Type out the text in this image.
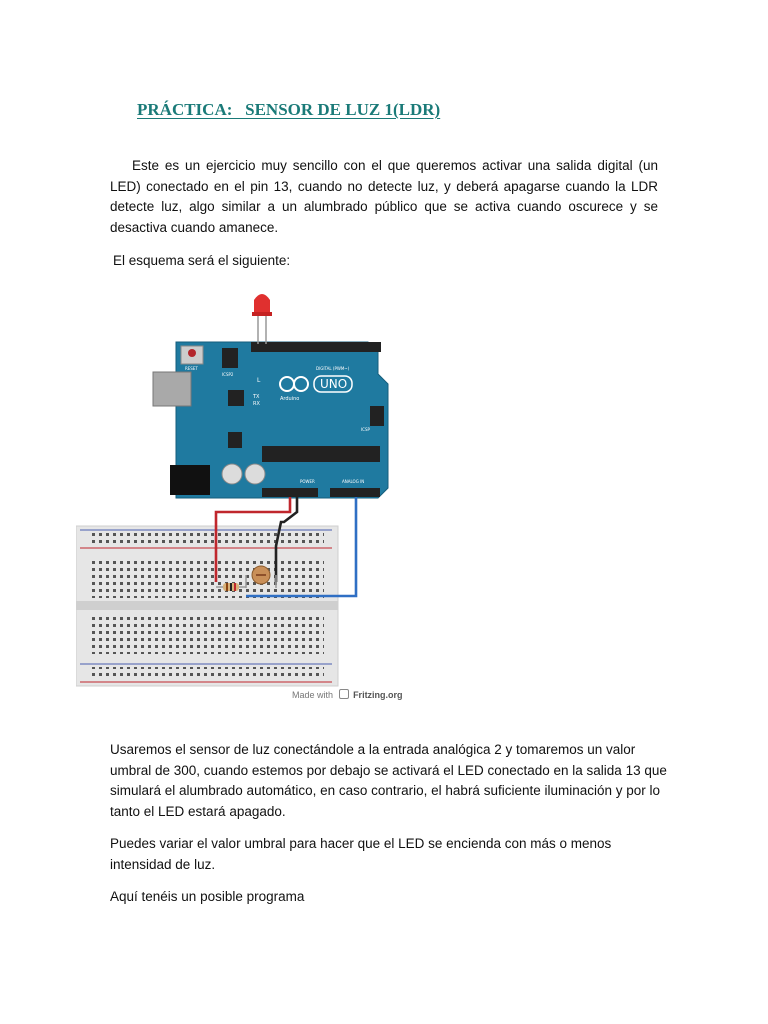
PRÁCTICA:   SENSOR DE LUZ 1(LDR)

Este es un ejercicio muy sencillo con el que queremos activar una salida digital (un LED) conectado en el pin 13, cuando no detecte luz, y deberá apagarse cuando la LDR detecte luz, algo similar a un alumbrado público que se activa cuando oscurece y se desactiva cuando amanece.

El esquema será el siguiente:

RESET
ICSP2
DIGITAL (PWM~)
L
TX
RX
UNO
Arduino
ICSP
POWER	ANALOG IN
Made with Fritzing.org

Usaremos el sensor de luz conectándole a la entrada analógica 2 y tomaremos un valor umbral de 300, cuando estemos por debajo se activará el LED conectado en la salida 13 que simulará el alumbrado automático, en caso contrario, el habrá suficiente iluminación y por lo tanto el LED estará apagado.

Puedes variar el valor umbral para hacer que el LED se encienda con más o menos intensidad de luz.

Aquí tenéis un posible programa
